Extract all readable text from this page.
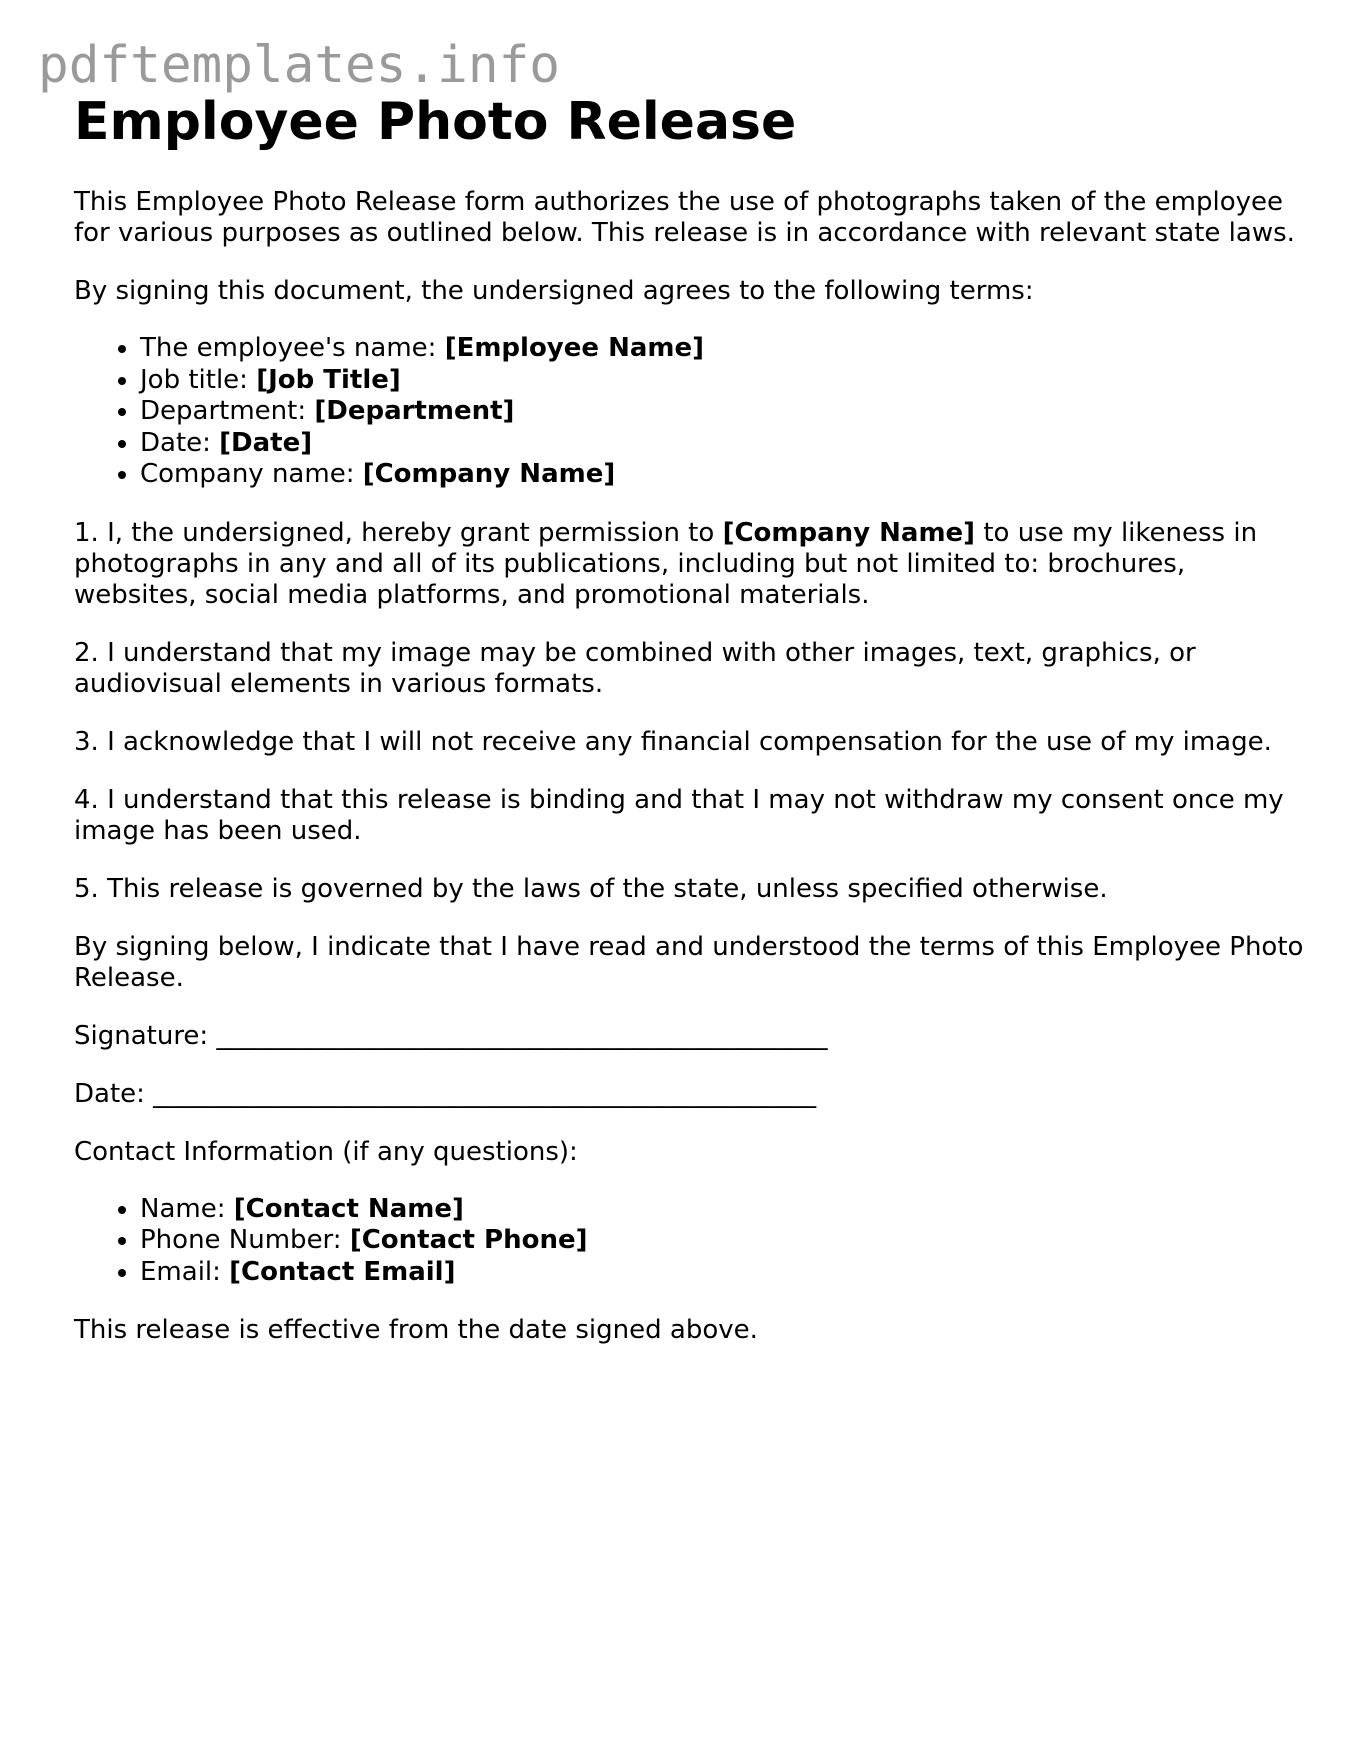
pdftemplates.info
Employee Photo Release

This Employee Photo Release form authorizes the use of photographs taken of the employee for various purposes as outlined below. This release is in accordance with relevant state laws.

By signing this document, the undersigned agrees to the following terms:

• The employee's name: [Employee Name]
• Job title: [Job Title]
• Department: [Department]
• Date: [Date]
• Company name: [Company Name]

1. I, the undersigned, hereby grant permission to [Company Name] to use my likeness in photographs in any and all of its publications, including but not limited to: brochures, websites, social media platforms, and promotional materials.

2. I understand that my image may be combined with other images, text, graphics, or audiovisual elements in various formats.

3. I acknowledge that I will not receive any financial compensation for the use of my image.

4. I understand that this release is binding and that I may not withdraw my consent once my image has been used.

5. This release is governed by the laws of the state, unless specified otherwise.

By signing below, I indicate that I have read and understood the terms of this Employee Photo Release.

Signature: _______________________________________________

Date: ___________________________________________________

Contact Information (if any questions):

• Name: [Contact Name]
• Phone Number: [Contact Phone]
• Email: [Contact Email]

This release is effective from the date signed above.
